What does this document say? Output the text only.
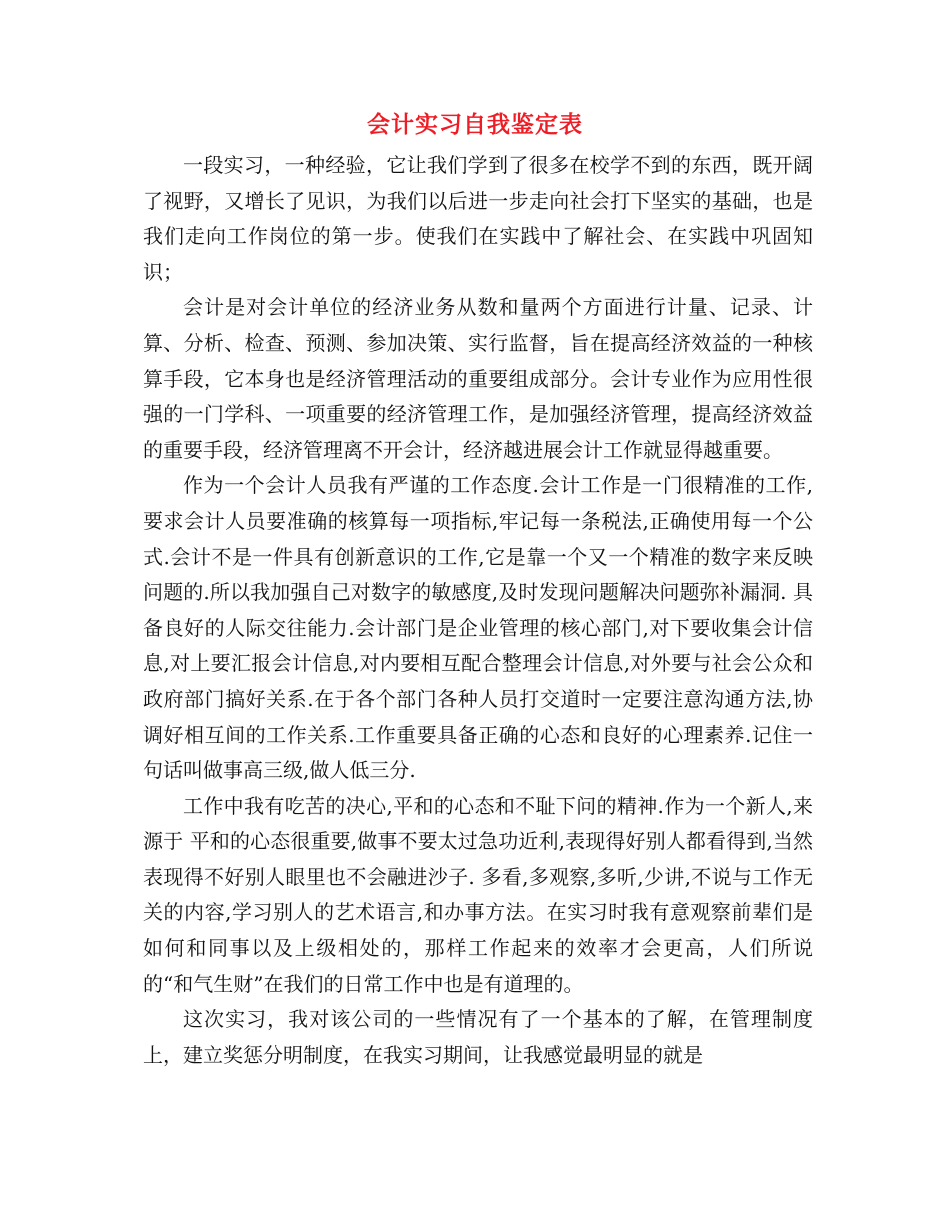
会计实习自我鉴定表

一段实习，一种经验，它让我们学到了很多在校学不到的东西，既开阔了视野，又增长了见识，为我们以后进一步走向社会打下坚实的基础，也是我们走向工作岗位的第一步。使我们在实践中了解社会、在实践中巩固知识；

会计是对会计单位的经济业务从数和量两个方面进行计量、记录、计算、分析、检查、预测、参加决策、实行监督，旨在提高经济效益的一种核算手段，它本身也是经济管理活动的重要组成部分。会计专业作为应用性很强的一门学科、一项重要的经济管理工作，是加强经济管理，提高经济效益的重要手段，经济管理离不开会计，经济越进展会计工作就显得越重要。

作为一个会计人员我有严谨的工作态度.会计工作是一门很精准的工作,要求会计人员要准确的核算每一项指标,牢记每一条税法,正确使用每一个公式.会计不是一件具有创新意识的工作,它是靠一个又一个精准的数字来反映问题的.所以我加强自己对数字的敏感度,及时发现问题解决问题弥补漏洞. 具备良好的人际交往能力.会计部门是企业管理的核心部门,对下要收集会计信息,对上要汇报会计信息,对内要相互配合整理会计信息,对外要与社会公众和政府部门搞好关系.在于各个部门各种人员打交道时一定要注意沟通方法,协调好相互间的工作关系.工作重要具备正确的心态和良好的心理素养.记住一句话叫做事高三级,做人低三分.

工作中我有吃苦的决心,平和的心态和不耻下问的精神.作为一个新人,来源于 平和的心态很重要,做事不要太过急功近利,表现得好别人都看得到,当然表现得不好别人眼里也不会融进沙子. 多看,多观察,多听,少讲,不说与工作无关的内容,学习别人的艺术语言,和办事方法。在实习时我有意观察前辈们是如何和同事以及上级相处的，那样工作起来的效率才会更高，人们所说的“和气生财”在我们的日常工作中也是有道理的。

这次实习，我对该公司的一些情况有了一个基本的了解，在管理制度上，建立奖惩分明制度，在我实习期间，让我感觉最明显的就是
